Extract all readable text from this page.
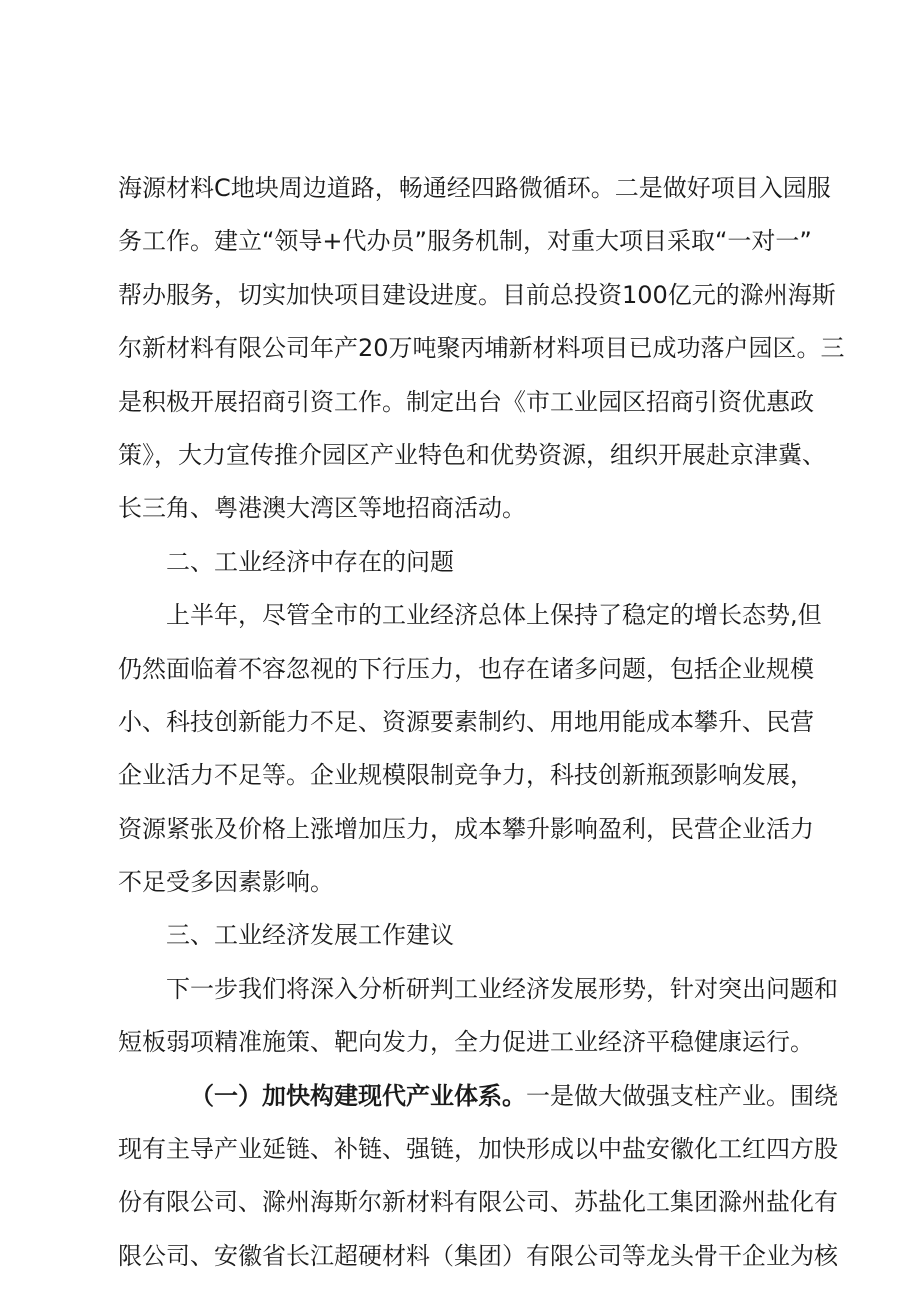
海源材料C地块周边道路，畅通经四路微循环。二是做好项目入园服
务工作。建立“领导+代办员”服务机制，对重大项目采取“一对一”
帮办服务，切实加快项目建设进度。目前总投资100亿元的滁州海斯
尔新材料有限公司年产20万吨聚丙埔新材料项目已成功落户园区。三
是积极开展招商引资工作。制定出台《市工业园区招商引资优惠政
策》，大力宣传推介园区产业特色和优势资源，组织开展赴京津冀、
长三角、粤港澳大湾区等地招商活动。
二、工业经济中存在的问题
上半年，尽管全市的工业经济总体上保持了稳定的增长态势,但
仍然面临着不容忽视的下行压力，也存在诸多问题，包括企业规模
小、科技创新能力不足、资源要素制约、用地用能成本攀升、民营
企业活力不足等。企业规模限制竞争力，科技创新瓶颈影响发展，
资源紧张及价格上涨增加压力，成本攀升影响盈利，民营企业活力
不足受多因素影响。
三、工业经济发展工作建议
下一步我们将深入分析研判工业经济发展形势，针对突出问题和
短板弱项精准施策、靶向发力，全力促进工业经济平稳健康运行。
（一）加快构建现代产业体系。一是做大做强支柱产业。围绕
现有主导产业延链、补链、强链，加快形成以中盐安徽化工红四方股
份有限公司、滁州海斯尔新材料有限公司、苏盐化工集团滁州盐化有
限公司、安徽省长江超硬材料（集团）有限公司等龙头骨干企业为核
